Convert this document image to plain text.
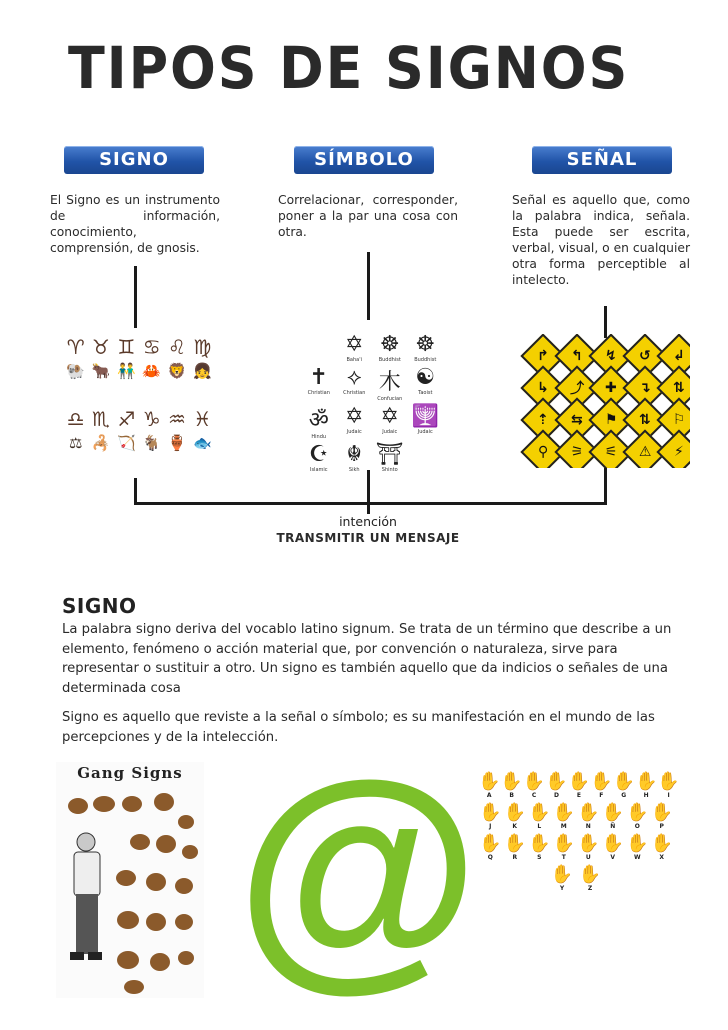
TIPOS DE SIGNOS
SIGNO	SÍMBOLO	SEÑAL
El Signo es un instrumento de información, conocimiento, comprensión, de gnosis.
Correlacionar, corresponder, poner a la par una cosa con otra.
Señal es aquello que, como la palabra indica, señala. Esta puede ser escrita, verbal, visual, o en cualquier otra forma perceptible al intelecto.
intención
TRANSMITIR UN MENSAJE
♈ ♉ ♊ ♋ ♌ ♍
🐏 🐂 👬 🦀 🦁 👧
♎ ♏ ♐ ♑ ♒ ♓
⚖ 🦂 🏹 🐐 🏺 🐟
✡
Baha'i
☸
Buddhist
☸
Buddhist
✝
Christian
⟡
Christian 木
Confucian
☯
Taoist
ॐ
Hindu
✡
Judaic
✡
Judaic
🕎
Judaic
☪
Islamic
☬
Sikh
⛩
Shinto
↱ ↰ ↯ ↺ ↲
↳ ⤴ ✚ ↴ ⇅
⇡ ⇆ ⚑ ⇅ ⚐
⚲ ⚞ ⚟ ⚠ ⚡
SIGNO
La palabra signo deriva del vocablo latino signum. Se trata de un término que describe a un elemento, fenómeno o acción material que, por convención o naturaleza, sirve para representar o sustituir a otro. Un signo es también aquello que da indicios o señales de una determinada cosa
Signo es aquello que reviste a la señal o símbolo; es su manifestación en el mundo de las percepciones y de la intelección.
Gang Signs @
✋
A
✋
B
✋
C
✋
D
✋
E
✋
F
✋
G
✋
H
✋
I
✋
J
✋
K
✋
L
✋
M
✋
N
✋
Ñ
✋
O
✋
P
✋
Q
✋
R
✋
S
✋
T
✋
U
✋
V
✋
W
✋
X
✋
Y
✋
Z
